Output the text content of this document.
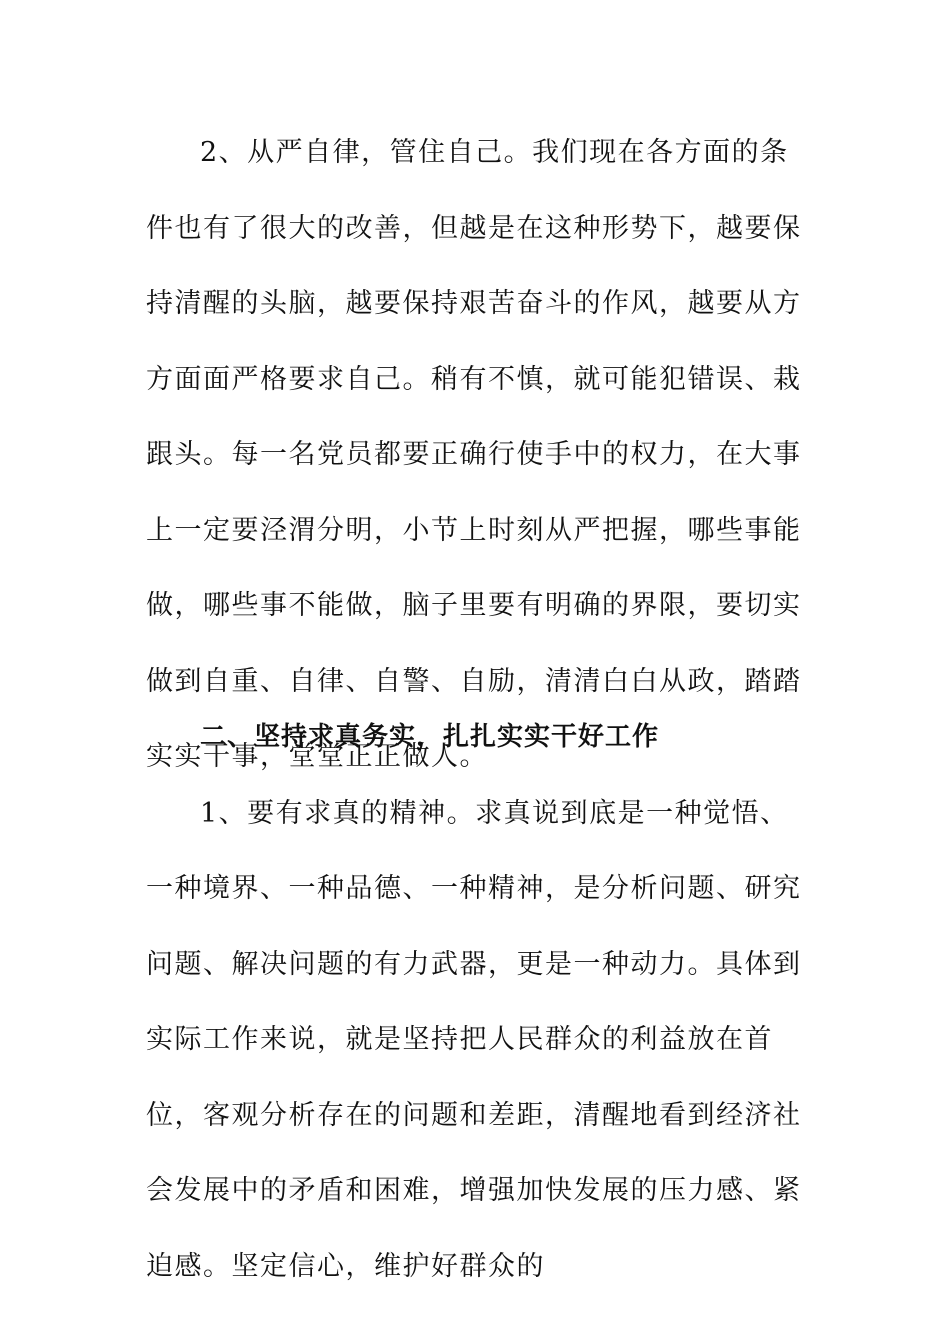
2、从严自律，管住自己。我们现在各方面的条件也有了很大的改善，但越是在这种形势下，越要保持清醒的头脑，越要保持艰苦奋斗的作风，越要从方方面面严格要求自己。稍有不慎，就可能犯错误、栽跟头。每一名党员都要正确行使手中的权力，在大事上一定要泾渭分明，小节上时刻从严把握，哪些事能做，哪些事不能做，脑子里要有明确的界限，要切实做到自重、自律、自警、自励，清清白白从政，踏踏实实干事，堂堂正正做人。

二、坚持求真务实，扎扎实实干好工作

1、要有求真的精神。求真说到底是一种觉悟、一种境界、一种品德、一种精神，是分析问题、研究问题、解决问题的有力武器，更是一种动力。具体到实际工作来说，就是坚持把人民群众的利益放在首位，客观分析存在的问题和差距，清醒地看到经济社会发展中的矛盾和困难，增强加快发展的压力感、紧迫感。坚定信心，维护好群众的
